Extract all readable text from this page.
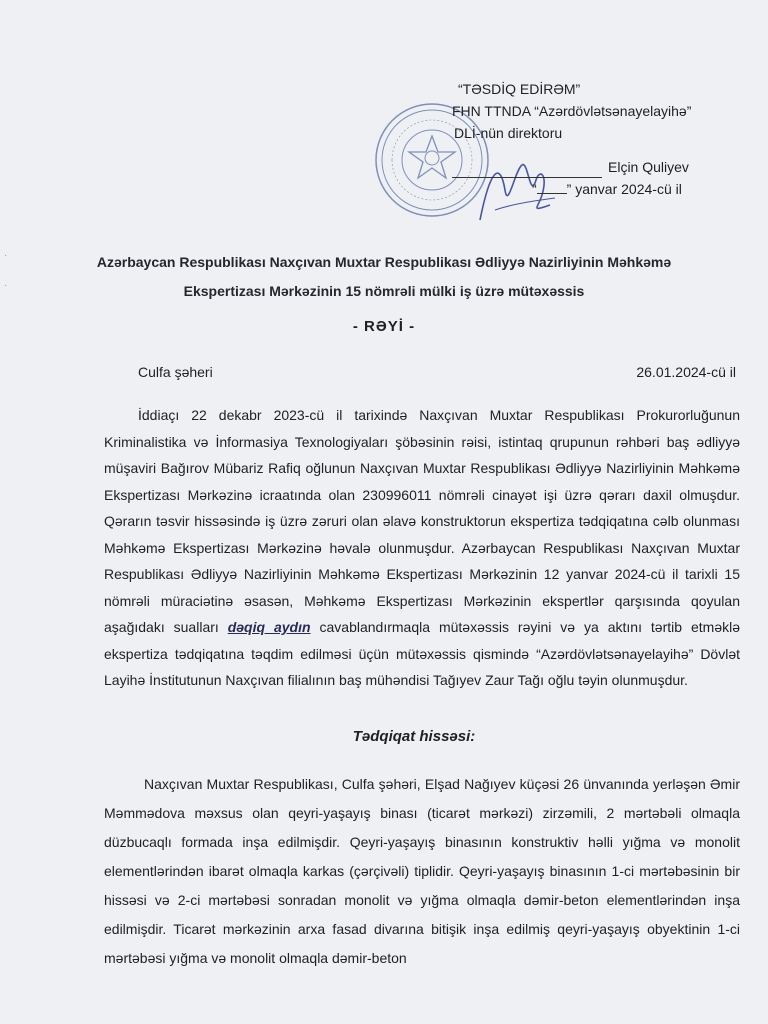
“TƏSDİQ EDİRƏM”
FHN TTNDA “Azərdövlətsənayelayihə”
DLİ-nün direktoru
Elçin Quliyev
“ ” yanvar 2024-cü il
Azərbaycan Respublikası Naxçıvan Muxtar Respublikası Ədliyyə Nazirliyinin Məhkəmə
Ekspertizası Mərkəzinin 15 nömrəli mülki iş üzrə mütəxəssis
- RƏYİ -
Culfa şəheri	26.01.2024-cü il
İddiaçı 22 dekabr 2023-cü il tarixində Naxçıvan Muxtar Respublikası Prokurorluğunun Kriminalistika və İnformasiya Texnologiyaları şöbəsinin rəisi, istintaq qrupunun rəhbəri baş ədliyyə müşaviri Bağırov Mübariz Rafiq oğlunun Naxçıvan Muxtar Respublikası Ədliyyə Nazirliyinin Məhkəmə Ekspertizası Mərkəzinə icraatında olan 230996011 nömrəli cinayət işi üzrə qərarı daxil olmuşdur. Qərarın təsvir hissəsində iş üzrə zəruri olan əlavə konstruktorun ekspertiza tədqiqatına cəlb olunması Məhkəmə Ekspertizası Mərkəzinə həvalə olunmuşdur. Azərbaycan Respublikası Naxçıvan Muxtar Respublikası Ədliyyə Nazirliyinin Məhkəmə Ekspertizası Mərkəzinin 12 yanvar 2024-cü il tarixli 15 nömrəli müraciətinə əsasən, Məhkəmə Ekspertizası Mərkəzinin ekspertlər qarşısında qoyulan aşağıdakı sualları dəqiq aydın cavablandırmaqla mütəxəssis rəyini və ya aktını tərtib etməklə ekspertiza tədqiqatına təqdim edilməsi üçün mütəxəssis qismində “Azərdövlətsənayelayihə” Dövlət Layihə İnstitutunun Naxçıvan filialının baş mühəndisi Tağıyev Zaur Tağı oğlu təyin olunmuşdur.
Tədqiqat hissəsi:
Naxçıvan Muxtar Respublikası, Culfa şəhəri, Elşad Nağıyev küçəsi 26 ünvanında yerləşən Əmir Məmmədova məxsus olan qeyri-yaşayış binası (ticarət mərkəzi) zirzəmili, 2 mərtəbəli olmaqla düzbucaqlı formada inşa edilmişdir. Qeyri-yaşayış binasının konstruktiv həlli yığma və monolit elementlərindən ibarət olmaqla karkas (çərçivəli) tiplidir. Qeyri-yaşayış binasının 1-ci mərtəbəsinin bir hissəsi və 2-ci mərtəbəsi sonradan monolit və yığma olmaqla dəmir-beton elementlərindən inşa edilmişdir. Ticarət mərkəzinin arxa fasad divarına bitişik inşa edilmiş qeyri-yaşayış obyektinin 1-ci mərtəbəsi yığma və monolit olmaqla dəmir-beton
·
·
